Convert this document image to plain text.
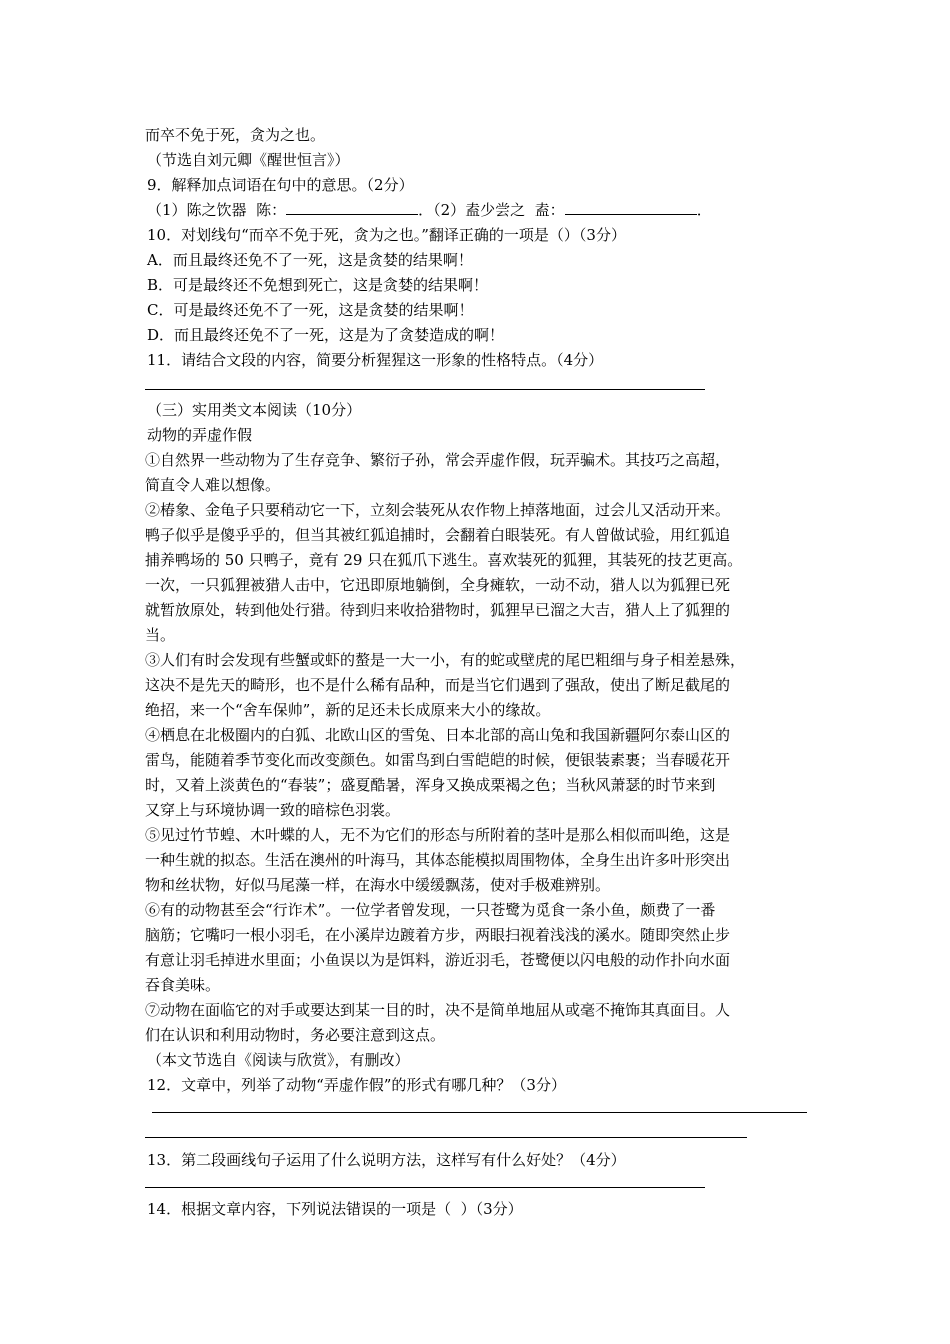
而卒不免于死，贪为之也。
（节选自刘元卿《醒世恒言》）
9．解释加点词语在句中的意思。（2分）
（1）陈之饮器  陈：	．（2）盍少尝之  盍：	．
10．对划线句“而卒不免于死，贪为之也。”翻译正确的一项是（）（3分）
A．而且最终还免不了一死，这是贪婪的结果啊！
B．可是最终还不免想到死亡，这是贪婪的结果啊！
C．可是最终还免不了一死，这是贪婪的结果啊！
D．而且最终还免不了一死，这是为了贪婪造成的啊！
11．请结合文段的内容，简要分析猩猩这一形象的性格特点。（4分）
（三）实用类文本阅读（10分）
动物的弄虚作假
①自然界一些动物为了生存竞争、繁衍子孙，常会弄虚作假，玩弄骗术。其技巧之高超，
简直令人难以想像。
②椿象、金龟子只要稍动它一下，立刻会装死从农作物上掉落地面，过会儿又活动开来。
鸭子似乎是傻乎乎的，但当其被红狐追捕时，会翻着白眼装死。有人曾做试验，用红狐追
捕养鸭场的 50 只鸭子，竟有 29 只在狐爪下逃生。喜欢装死的狐狸，其装死的技艺更高。
一次，一只狐狸被猎人击中，它迅即原地躺倒，全身瘫软，一动不动，猎人以为狐狸已死
就暂放原处，转到他处行猎。待到归来收拾猎物时，狐狸早已溜之大吉，猎人上了狐狸的
当。
③人们有时会发现有些蟹或虾的螯是一大一小，有的蛇或壁虎的尾巴粗细与身子相差悬殊，
这决不是先天的畸形，也不是什么稀有品种，而是当它们遇到了强敌，使出了断足截尾的
绝招，来一个“舍车保帅”，新的足还未长成原来大小的缘故。
④栖息在北极圈内的白狐、北欧山区的雪兔、日本北部的高山兔和我国新疆阿尔泰山区的
雷鸟，能随着季节变化而改变颜色。如雷鸟到白雪皑皑的时候，便银装素裹；当春暖花开
时，又着上淡黄色的“春装”；盛夏酷暑，浑身又换成栗褐之色；当秋风萧瑟的时节来到
又穿上与环境协调一致的暗棕色羽裳。
⑤见过竹节蝗、木叶蝶的人，无不为它们的形态与所附着的茎叶是那么相似而叫绝，这是
一种生就的拟态。生活在澳州的叶海马，其体态能模拟周围物体，全身生出许多叶形突出
物和丝状物，好似马尾藻一样，在海水中缓缓飘荡，使对手极难辨别。
⑥有的动物甚至会“行诈术”。一位学者曾发现，一只苍鹭为觅食一条小鱼，颇费了一番
脑筋；它嘴叼一根小羽毛，在小溪岸边踱着方步，两眼扫视着浅浅的溪水。随即突然止步
有意让羽毛掉进水里面；小鱼误以为是饵料，游近羽毛，苍鹭便以闪电般的动作扑向水面
吞食美味。
⑦动物在面临它的对手或要达到某一目的时，决不是简单地屈从或毫不掩饰其真面目。人
们在认识和利用动物时，务必要注意到这点。
（本文节选自《阅读与欣赏》，有删改）
12．文章中，列举了动物“弄虚作假”的形式有哪几种？（3分）
13．第二段画线句子运用了什么说明方法，这样写有什么好处？（4分）
14．根据文章内容，下列说法错误的一项是（  ）（3分）
